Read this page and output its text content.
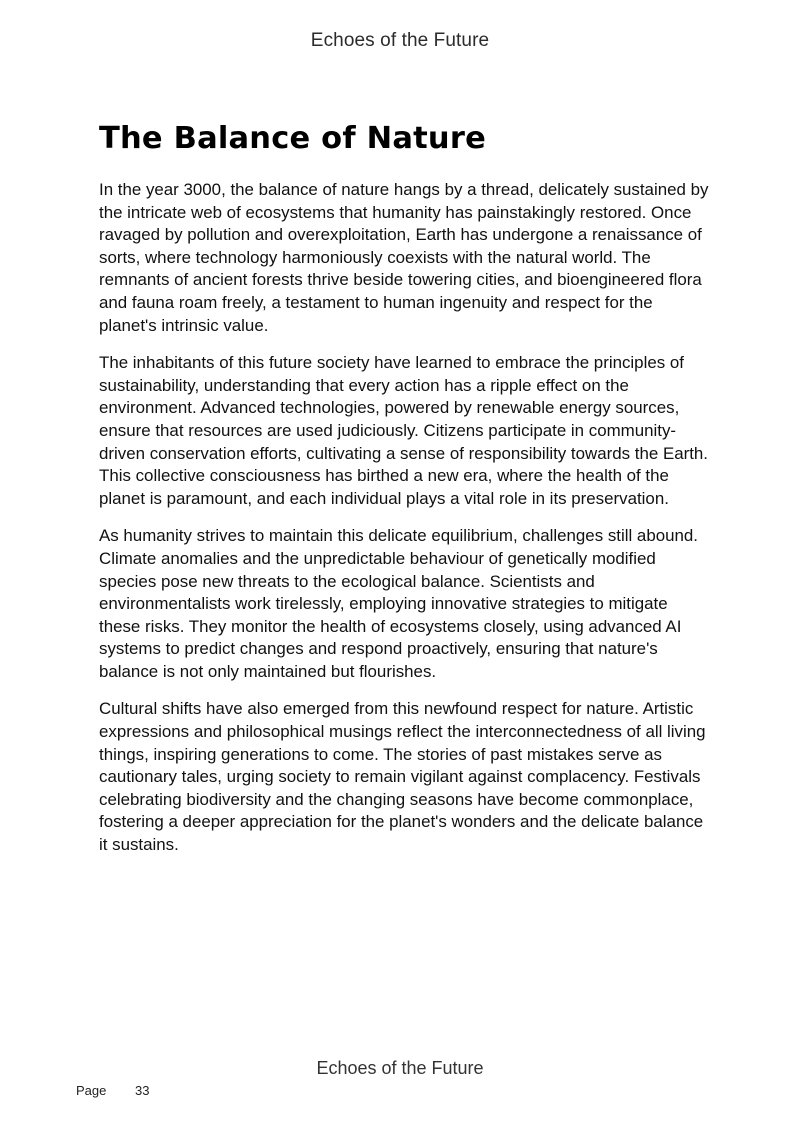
Echoes of the Future
The Balance of Nature

In the year 3000, the balance of nature hangs by a thread, delicately sustained by the intricate web of ecosystems that humanity has painstakingly restored. Once ravaged by pollution and overexploitation, Earth has undergone a renaissance of sorts, where technology harmoniously coexists with the natural world. The remnants of ancient forests thrive beside towering cities, and bioengineered flora and fauna roam freely, a testament to human ingenuity and respect for the planet's intrinsic value.

The inhabitants of this future society have learned to embrace the principles of sustainability, understanding that every action has a ripple effect on the environment. Advanced technologies, powered by renewable energy sources, ensure that resources are used judiciously. Citizens participate in community-driven conservation efforts, cultivating a sense of responsibility towards the Earth. This collective consciousness has birthed a new era, where the health of the planet is paramount, and each individual plays a vital role in its preservation.

As humanity strives to maintain this delicate equilibrium, challenges still abound. Climate anomalies and the unpredictable behaviour of genetically modified species pose new threats to the ecological balance. Scientists and environmentalists work tirelessly, employing innovative strategies to mitigate these risks. They monitor the health of ecosystems closely, using advanced AI systems to predict changes and respond proactively, ensuring that nature's balance is not only maintained but flourishes.

Cultural shifts have also emerged from this newfound respect for nature. Artistic expressions and philosophical musings reflect the interconnectedness of all living things, inspiring generations to come. The stories of past mistakes serve as cautionary tales, urging society to remain vigilant against complacency. Festivals celebrating biodiversity and the changing seasons have become commonplace, fostering a deeper appreciation for the planet's wonders and the delicate balance it sustains.

Echoes of the Future
Page 33
